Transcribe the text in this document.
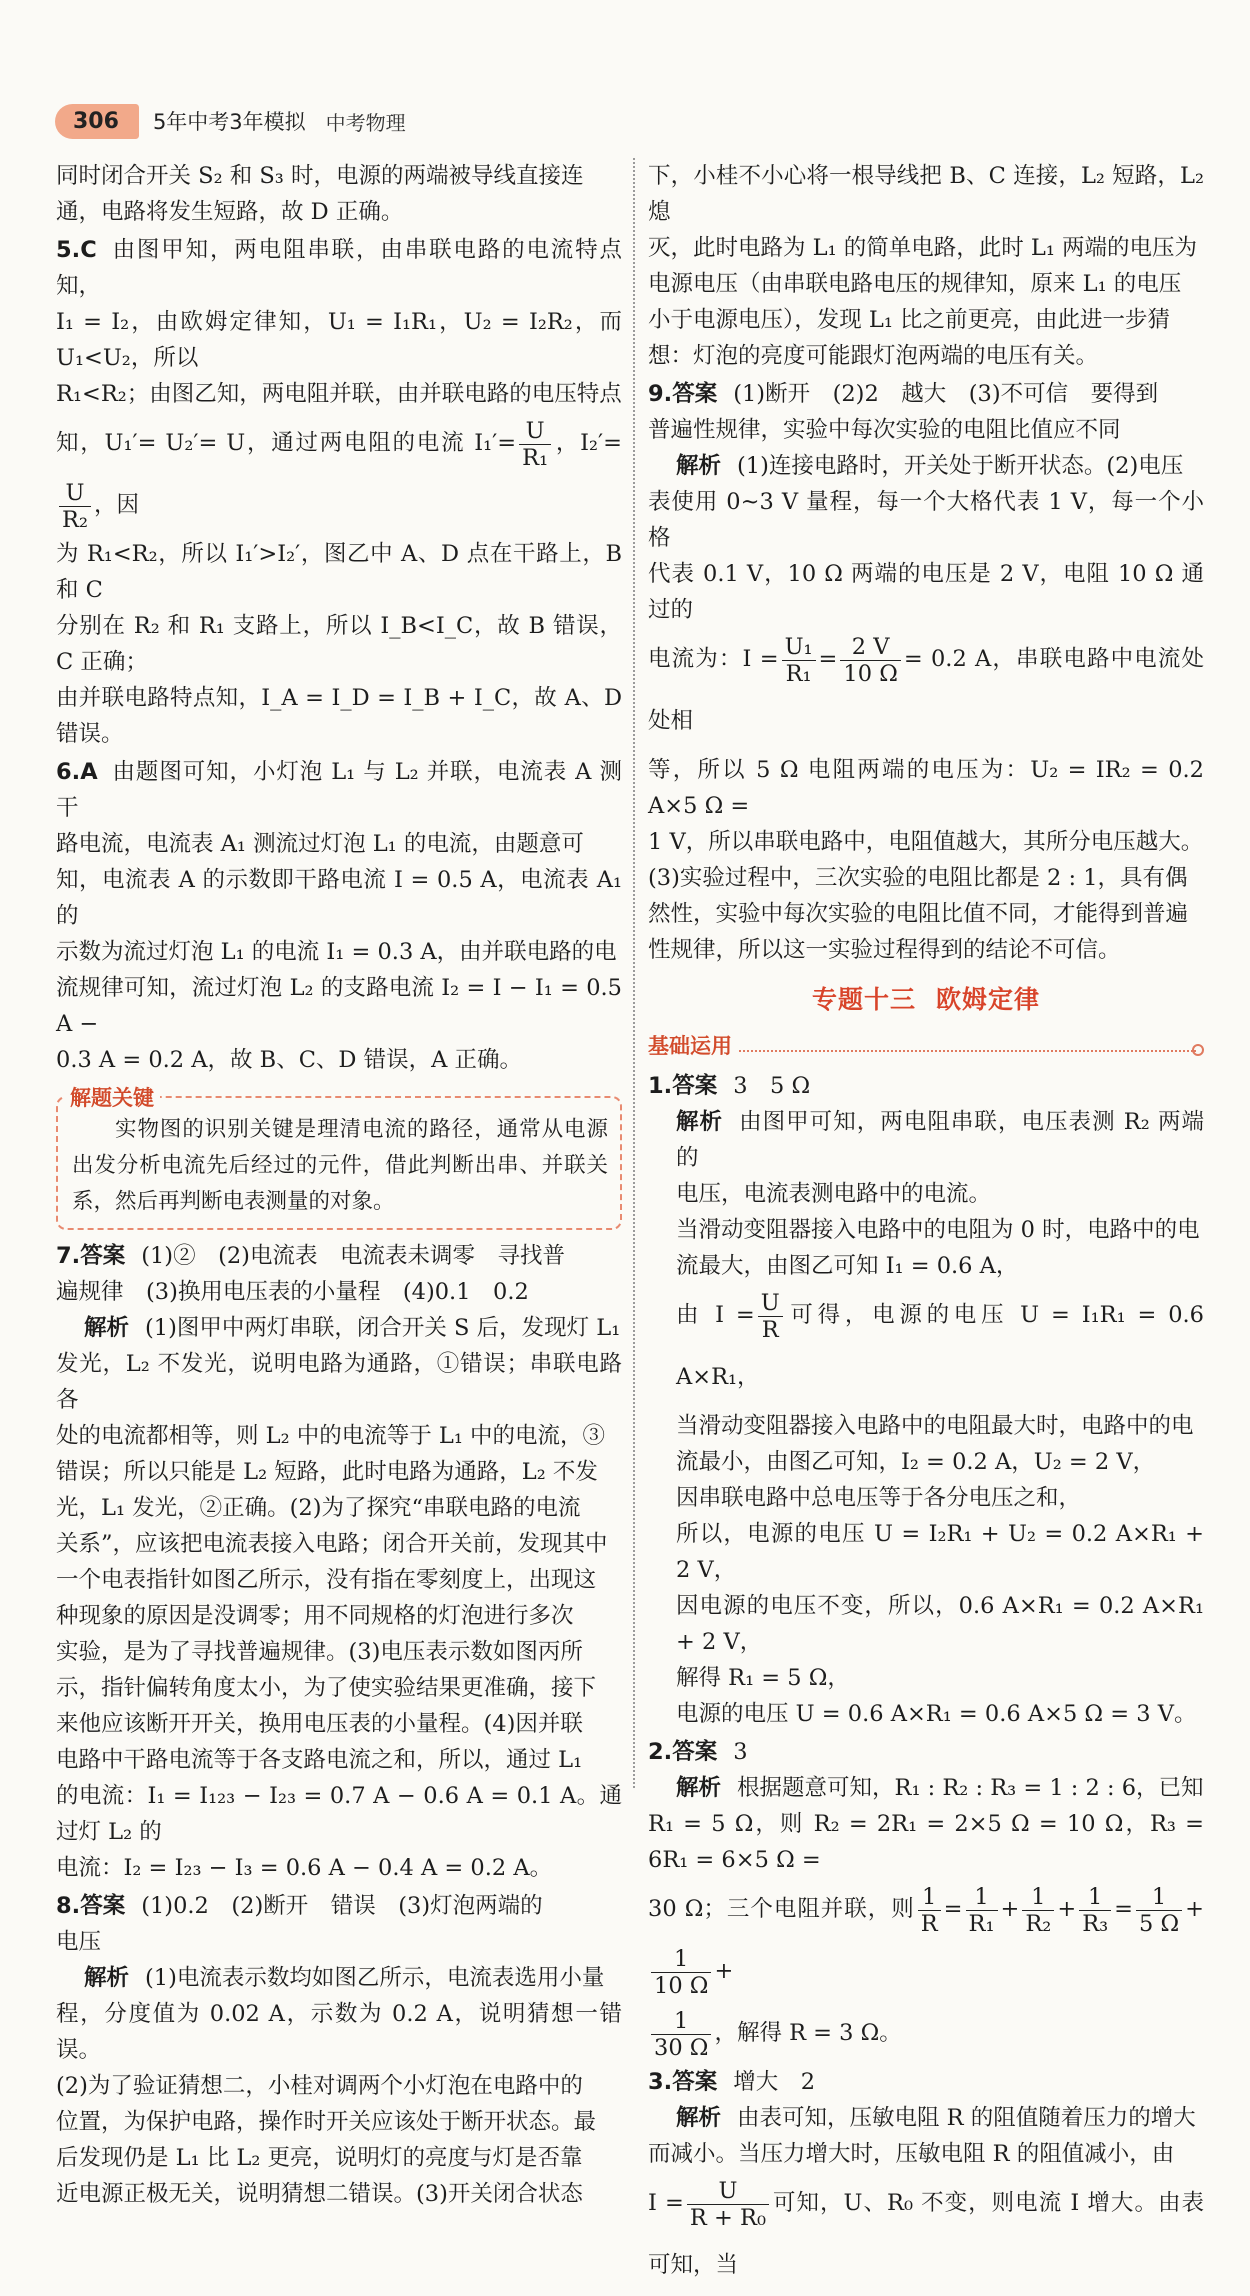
306	5年中考3年模拟 中考物理

同时闭合开关 S₂ 和 S₃ 时，电源的两端被导线直接连

通，电路将发生短路，故 D 正确。

5.C 由图甲知，两电阻串联，由串联电路的电流特点知，

I₁ = I₂，由欧姆定律知，U₁ = I₁R₁，U₂ = I₂R₂，而 U₁<U₂，所以

R₁<R₂；由图乙知，两电阻并联，由并联电路的电压特点

知，U₁′= U₂′= U，通过两电阻的电流 $I_1'= \frac{U}{\text{R₁}}$ ，I₂′=
$\frac{U}{\text{R₂}}$ ，因

为 R₁<R₂，所以 I₁′>I₂′，图乙中 A、D 点在干路上，B 和 C

分别在 R₂ 和 R₁ 支路上，所以 I_B<I_C，故 B 错误，C 正确；

由并联电路特点知，I_A = I_D = I_B + I_C，故 A、D 错误。

6.A 由题图可知，小灯泡 L₁ 与 L₂ 并联，电流表 A 测干

路电流，电流表 A₁ 测流过灯泡 L₁ 的电流，由题意可

知，电流表 A 的示数即干路电流 I = 0.5 A，电流表 A₁ 的

示数为流过灯泡 L₁ 的电流 I₁ = 0.3 A，由并联电路的电

流规律可知，流过灯泡 L₂ 的支路电流 I₂ = I − I₁ = 0.5 A −

0.3 A = 0.2 A，故 B、C、D 错误，A 正确。

解题关键

实物图的识别关键是理清电流的路径，通常从电源出发分析电流先后经过的元件，借此判断出串、并联关系，然后再判断电表测量的对象。

7.答案 (1)②　(2)电流表　电流表未调零　寻找普

遍规律　(3)换用电压表的小量程　(4)0.1　0.2

解析 (1)图甲中两灯串联，闭合开关 S 后，发现灯 L₁

发光，L₂ 不发光，说明电路为通路，①错误；串联电路各

处的电流都相等，则 L₂ 中的电流等于 L₁ 中的电流，③

错误；所以只能是 L₂ 短路，此时电路为通路，L₂ 不发

光，L₁ 发光，②正确。(2)为了探究“串联电路的电流

关系”，应该把电流表接入电路；闭合开关前，发现其中

一个电表指针如图乙所示，没有指在零刻度上，出现这

种现象的原因是没调零；用不同规格的灯泡进行多次

实验，是为了寻找普遍规律。(3)电压表示数如图丙所

示，指针偏转角度太小，为了使实验结果更准确，接下

来他应该断开开关，换用电压表的小量程。(4)因并联

电路中干路电流等于各支路电流之和，所以，通过 L₁

的电流：I₁ = I₁₂₃ − I₂₃ = 0.7 A − 0.6 A = 0.1 A。通过灯 L₂ 的

电流：I₂ = I₂₃ − I₃ = 0.6 A − 0.4 A = 0.2 A。

8.答案 (1)0.2　(2)断开　错误　(3)灯泡两端的

电压

解析 (1)电流表示数均如图乙所示，电流表选用小量

程，分度值为 0.02 A，示数为 0.2 A，说明猜想一错误。

(2)为了验证猜想二，小桂对调两个小灯泡在电路中的

位置，为保护电路，操作时开关应该处于断开状态。最

后发现仍是 L₁ 比 L₂ 更亮，说明灯的亮度与灯是否靠

近电源正极无关，说明猜想二错误。(3)开关闭合状态

下，小桂不小心将一根导线把 B、C 连接，L₂ 短路，L₂ 熄

灭，此时电路为 L₁ 的简单电路，此时 L₁ 两端的电压为

电源电压（由串联电路电压的规律知，原来 L₁ 的电压

小于电源电压），发现 L₁ 比之前更亮，由此进一步猜

想：灯泡的亮度可能跟灯泡两端的电压有关。

9.答案 (1)断开　(2)2　越大　(3)不可信　要得到

普遍性规律，实验中每次实验的电阻比值应不同

解析 (1)连接电路时，开关处于断开状态。(2)电压

表使用 0~3 V 量程，每一个大格代表 1 V，每一个小格

代表 0.1 V，10 Ω 两端的电压是 2 V，电阻 10 Ω 通过的

电流为：$I = \frac{\text{U₁}}{\text{R₁}} = \frac{2 V}{10 \Omega} = 0.2$ A，串联电路中电流处处相

等，所以 5 Ω 电阻两端的电压为：U₂ = IR₂ = 0.2 A×5 Ω =

1 V，所以串联电路中，电阻值越大，其所分电压越大。

(3)实验过程中，三次实验的电阻比都是 2 : 1，具有偶

然性，实验中每次实验的电阻比值不同，才能得到普遍

性规律，所以这一实验过程得到的结论不可信。

专题十三 欧姆定律
基础运用

1.答案 3　5 Ω

解析 由图甲可知，两电阻串联，电压表测 R₂ 两端的

电压，电流表测电路中的电流。

当滑动变阻器接入电路中的电阻为 0 时，电路中的电

流最大，由图乙可知 I₁ = 0.6 A，

由 $I = \frac{U}{R}$ 可得，电源的电压 U = I₁R₁ = 0.6 A×R₁，

当滑动变阻器接入电路中的电阻最大时，电路中的电

流最小，由图乙可知，I₂ = 0.2 A，U₂ = 2 V，

因串联电路中总电压等于各分电压之和，

所以，电源的电压 U = I₂R₁ + U₂ = 0.2 A×R₁ + 2 V，

因电源的电压不变，所以，0.6 A×R₁ = 0.2 A×R₁ + 2 V，

解得 R₁ = 5 Ω，

电源的电压 U = 0.6 A×R₁ = 0.6 A×5 Ω = 3 V。

2.答案 3

解析 根据题意可知，R₁ : R₂ : R₃ = 1 : 2 : 6，已知

R₁ = 5 Ω，则 R₂ = 2R₁ = 2×5 Ω = 10 Ω，R₃ = 6R₁ = 6×5 Ω =

30 Ω；三个电阻并联，则 $\frac{1}{R} = \frac{1}{\text{R₁}} + \frac{1}{\text{R₂}} + \frac{1}{\text{R₃}} = \frac{1}{5 \Omega}$ +
$\frac{1}{10 \Omega}$ +

$\frac{1}{30 \Omega}$ ，解得 R = 3 Ω。

3.答案 增大　2

解析 由表可知，压敏电阻 R 的阻值随着压力的增大

而减小。当压力增大时，压敏电阻 R 的阻值减小，由

$I = \frac{U}{\text{R + R₀}}$ 可知，U、R₀ 不变，则电流 I 增大。由表可知，当
